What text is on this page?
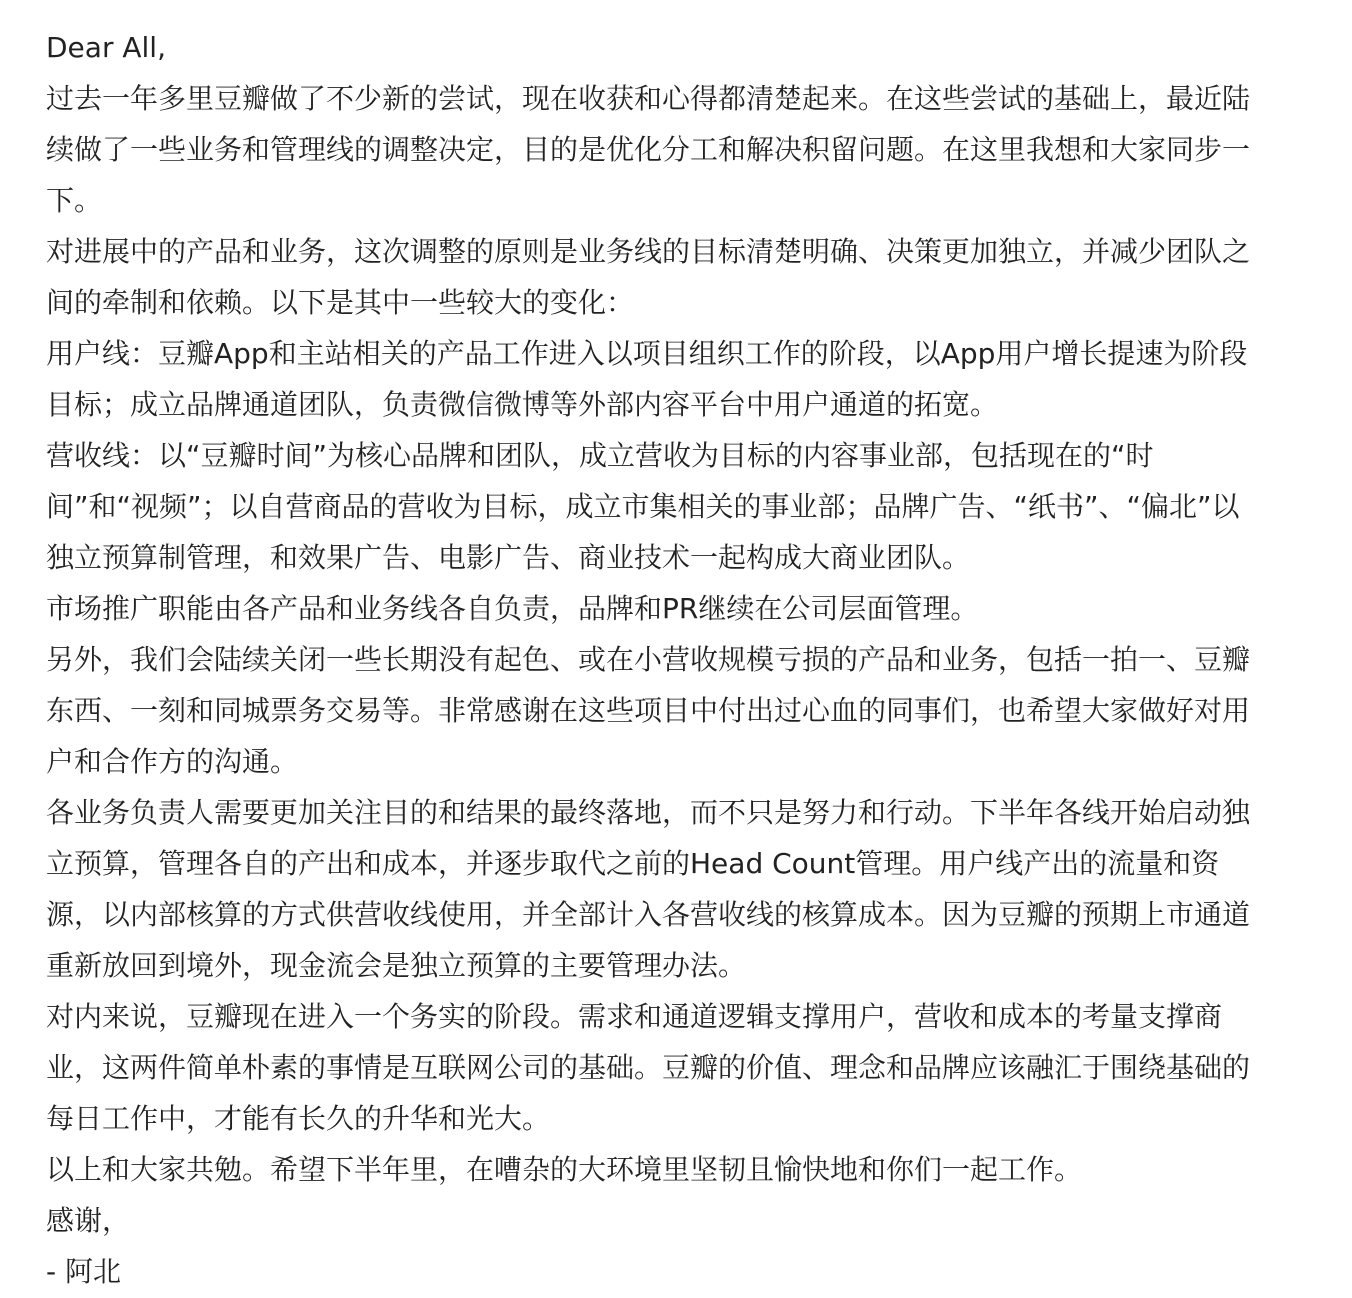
Dear All,

过去一年多里豆瓣做了不少新的尝试，现在收获和心得都清楚起来。在这些尝试的基础上，最近陆续做了一些业务和管理线的调整决定，目的是优化分工和解决积留问题。在这里我想和大家同步一下。

对进展中的产品和业务，这次调整的原则是业务线的目标清楚明确、决策更加独立，并减少团队之间的牵制和依赖。以下是其中一些较大的变化：

用户线：豆瓣App和主站相关的产品工作进入以项目组织工作的阶段，以App用户增长提速为阶段目标；成立品牌通道团队，负责微信微博等外部内容平台中用户通道的拓宽。

营收线：以“豆瓣时间”为核心品牌和团队，成立营收为目标的内容事业部，包括现在的“时间”和“视频”；以自营商品的营收为目标，成立市集相关的事业部；品牌广告、“纸书”、“偏北”以独立预算制管理，和效果广告、电影广告、商业技术一起构成大商业团队。

市场推广职能由各产品和业务线各自负责，品牌和PR继续在公司层面管理。

另外，我们会陆续关闭一些长期没有起色、或在小营收规模亏损的产品和业务，包括一拍一、豆瓣东西、一刻和同城票务交易等。非常感谢在这些项目中付出过心血的同事们，也希望大家做好对用户和合作方的沟通。

各业务负责人需要更加关注目的和结果的最终落地，而不只是努力和行动。下半年各线开始启动独立预算，管理各自的产出和成本，并逐步取代之前的Head Count管理。用户线产出的流量和资源，以内部核算的方式供营收线使用，并全部计入各营收线的核算成本。因为豆瓣的预期上市通道重新放回到境外，现金流会是独立预算的主要管理办法。

对内来说，豆瓣现在进入一个务实的阶段。需求和通道逻辑支撑用户，营收和成本的考量支撑商业，这两件简单朴素的事情是互联网公司的基础。豆瓣的价值、理念和品牌应该融汇于围绕基础的每日工作中，才能有长久的升华和光大。

以上和大家共勉。希望下半年里，在嘈杂的大环境里坚韧且愉快地和你们一起工作。

感谢，

- 阿北
